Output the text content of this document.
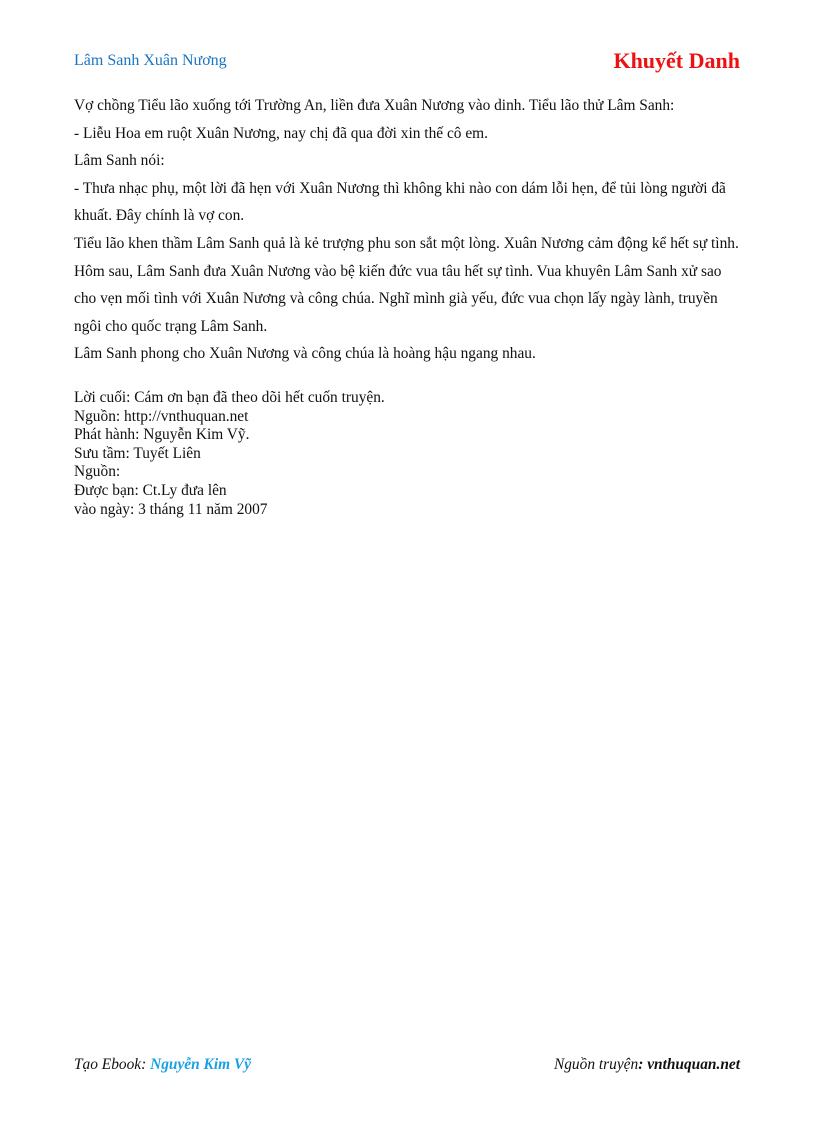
Lâm Sanh Xuân Nương	Khuyết Danh

Vợ chồng Tiểu lão xuống tới Trường An, liền đưa Xuân Nương vào dinh. Tiểu lão thử Lâm Sanh:

- Liễu Hoa em ruột Xuân Nương, nay chị đã qua đời xin thế cô em.

Lâm Sanh nói:

- Thưa nhạc phụ, một lời đã hẹn với Xuân Nương thì không khi nào con dám lỗi hẹn, để tủi lòng người đã khuất. Đây chính là vợ con.

Tiểu lão khen thầm Lâm Sanh quả là kẻ trượng phu son sắt một lòng. Xuân Nương cảm động kể hết sự tình. Hôm sau, Lâm Sanh đưa Xuân Nương vào bệ kiến đức vua tâu hết sự tình. Vua khuyên Lâm Sanh xử sao cho vẹn mối tình với Xuân Nương và công chúa. Nghĩ mình già yếu, đức vua chọn lấy ngày lành, truyền ngôi cho quốc trạng Lâm Sanh.

Lâm Sanh phong cho Xuân Nương và công chúa là hoàng hậu ngang nhau.

Lời cuối: Cám ơn bạn đã theo dõi hết cuốn truyện.
Nguồn: http://vnthuquan.net
Phát hành: Nguyễn Kim Vỹ.
Sưu tầm: Tuyết Liên
Nguồn:
Được bạn: Ct.Ly đưa lên
vào ngày: 3 tháng 11 năm 2007
Tạo Ebook: Nguyễn Kim Vỹ	Nguồn truyện: vnthuquan.net
